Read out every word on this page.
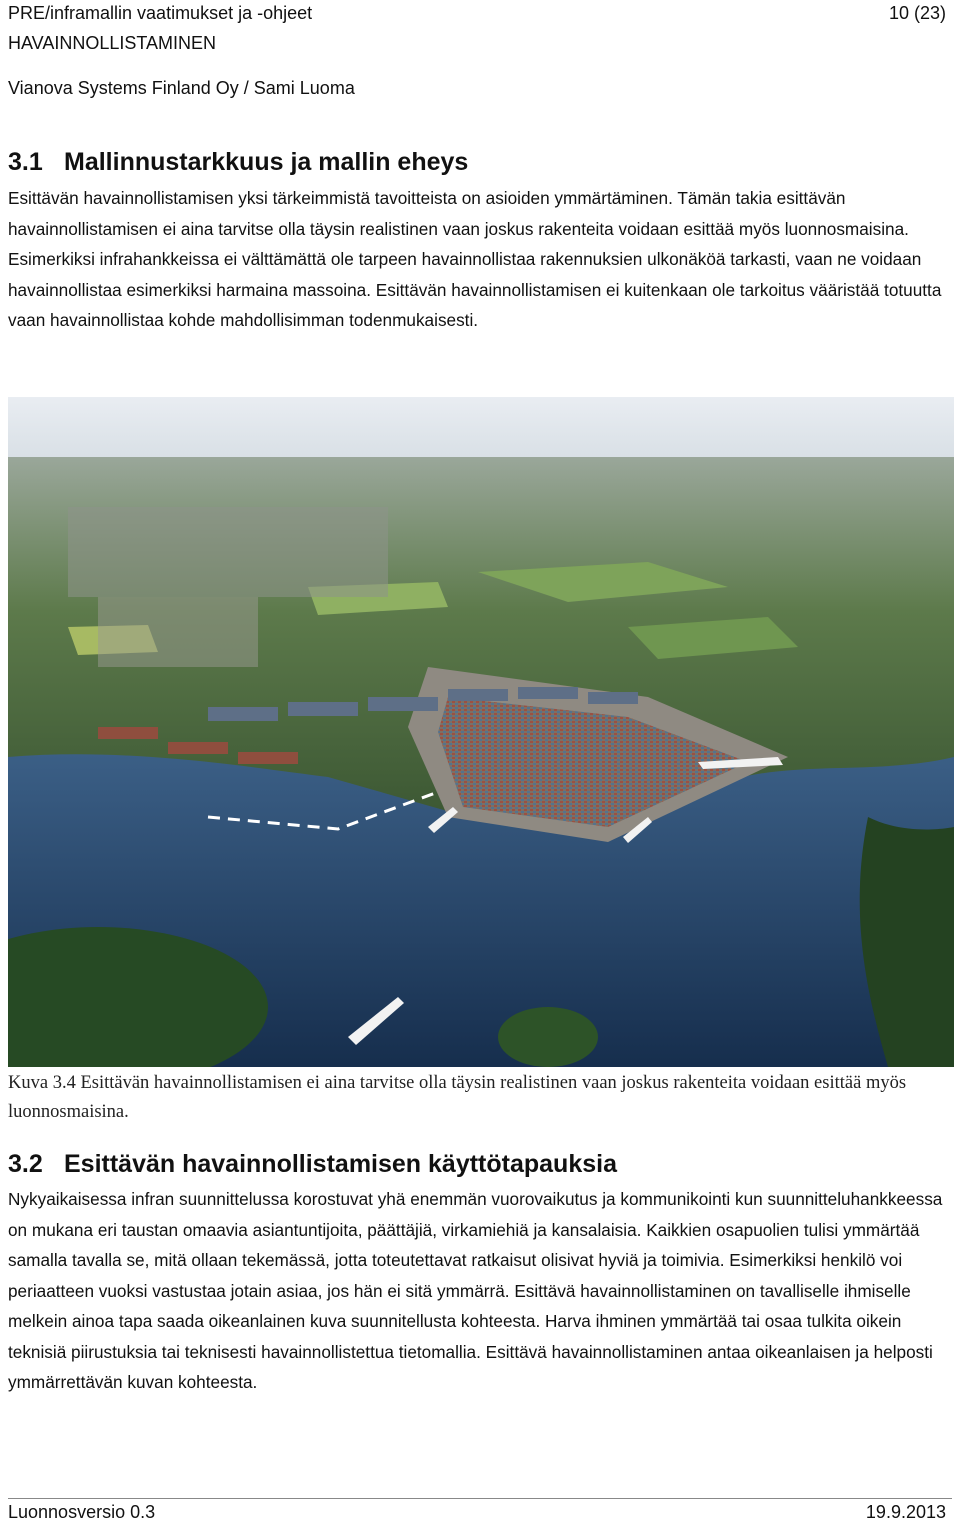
PRE/inframallin vaatimukset ja -ohjeet	10 (23)
HAVAINNOLLISTAMINEN
Vianova Systems Finland Oy / Sami Luoma
3.1 Mallinnustarkkuus ja mallin eheys

Esittävän havainnollistamisen yksi tärkeimmistä tavoitteista on asioiden ymmärtäminen. Tämän takia esittävän havainnollistamisen ei aina tarvitse olla täysin realistinen vaan joskus rakenteita voidaan esittää myös luonnosmaisina. Esimerkiksi infrahankkeissa ei välttämättä ole tarpeen havainnollistaa rakennuksien ulkonäköä tarkasti, vaan ne voidaan havainnollistaa esimerkiksi harmaina massoina. Esittävän havainnollistamisen ei kuitenkaan ole tarkoitus vääristää totuutta vaan havainnollistaa kohde mahdollisimman todenmukaisesti.

Kuva 3.4 Esittävän havainnollistamisen ei aina tarvitse olla täysin realistinen vaan joskus rakenteita voidaan esittää myös luonnosmaisina.

3.2 Esittävän havainnollistamisen käyttötapauksia

Nykyaikaisessa infran suunnittelussa korostuvat yhä enemmän vuorovaikutus ja kommunikointi kun suunnitteluhankkeessa on mukana eri taustan omaavia asiantuntijoita, päättäjiä, virkamiehiä ja kansalaisia. Kaikkien osapuolien tulisi ymmärtää samalla tavalla se, mitä ollaan tekemässä, jotta toteutettavat ratkaisut olisivat hyviä ja toimivia. Esimerkiksi henkilö voi periaatteen vuoksi vastustaa jotain asiaa, jos hän ei sitä ymmärrä. Esittävä havainnollistaminen on tavalliselle ihmiselle melkein ainoa tapa saada oikeanlainen kuva suunnitellusta kohteesta. Harva ihminen ymmärtää tai osaa tulkita oikein teknisiä piirustuksia tai teknisesti havainnollistettua tietomallia. Esittävä havainnollistaminen antaa oikeanlaisen ja helposti ymmärrettävän kuvan kohteesta.

Luonnosversio 0.3	19.9.2013
